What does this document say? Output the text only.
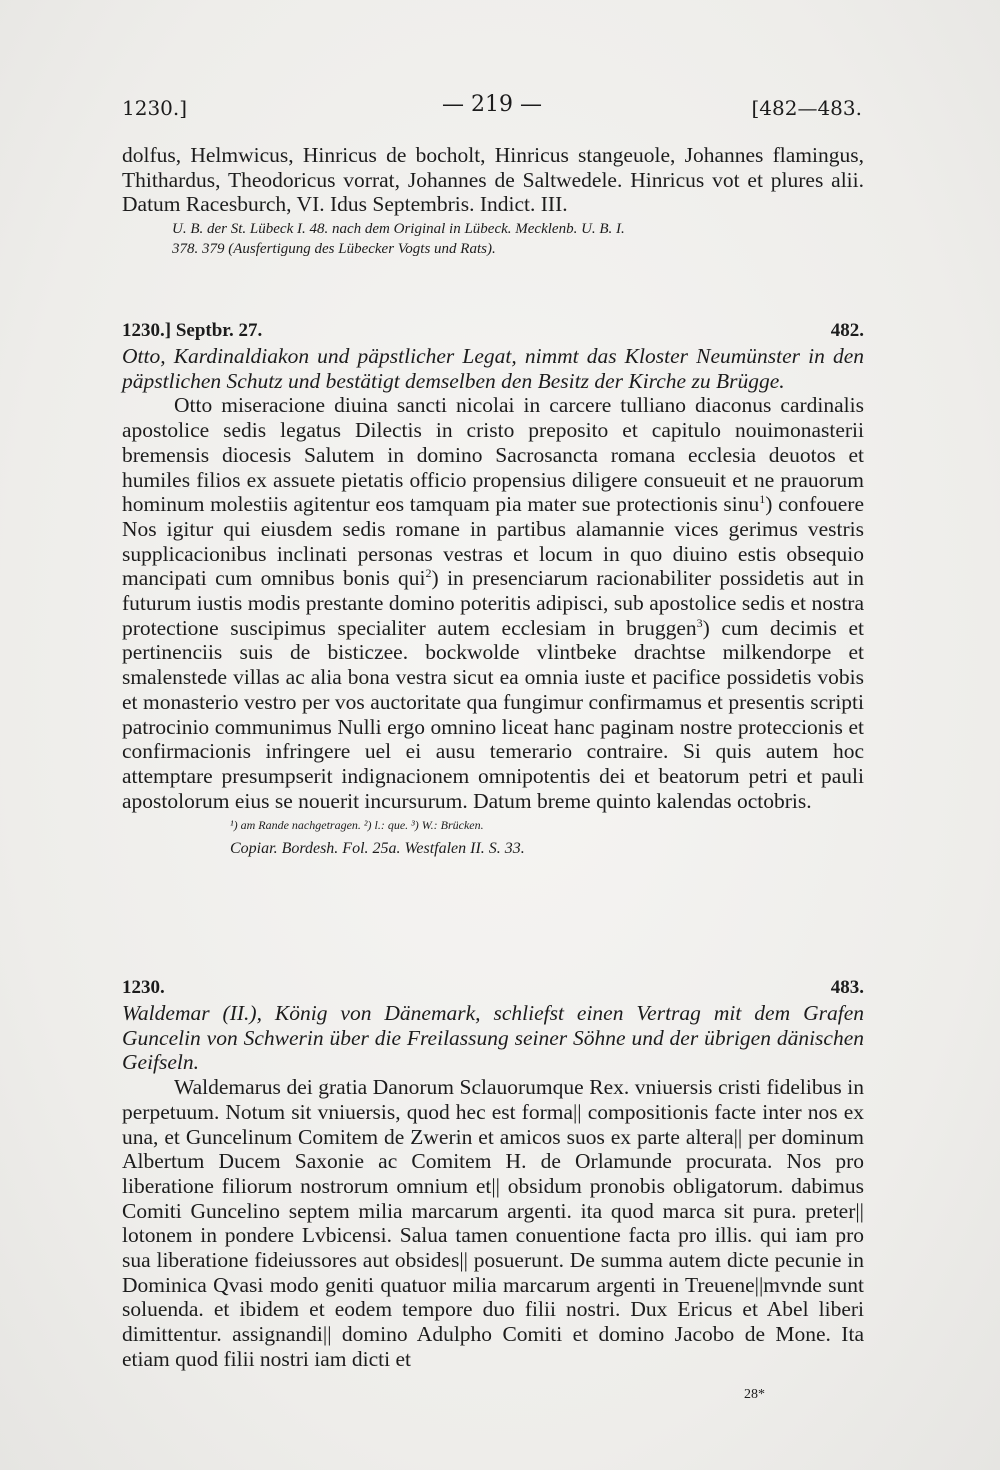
1230.]	— 219 —	[482—483.

dolfus, Helmwicus, Hinricus de bocholt, Hinricus stangeuole, Johannes flamingus, Thithardus, Theodoricus vorrat, Johannes de Saltwedele. Hinricus vot et plures alii. Datum Racesburch, VI. Idus Septembris. Indict. III.

U. B. der St. Lübeck I. 48. nach dem Original in Lübeck. Mecklenb. U. B. I.

378. 379 (Ausfertigung des Lübecker Vogts und Rats).

1230.] Septbr. 27.	482.

Otto, Kardinaldiakon und päpstlicher Legat, nimmt das Kloster Neumünster in den päpstlichen Schutz und bestätigt demselben den Besitz der Kirche zu Brügge.

Otto miseracione diuina sancti nicolai in carcere tulliano diaconus cardinalis apostolice sedis legatus Dilectis in cristo preposito et capitulo nouimonasterii bremensis diocesis Salutem in domino Sacrosancta romana ecclesia deuotos et humiles filios ex assuete pietatis officio propensius diligere consueuit et ne prauorum hominum molestiis agitentur eos tamquam pia mater sue protectionis sinu$^1$) confouere Nos igitur qui eiusdem sedis romane in partibus alamannie vices gerimus vestris supplicacionibus inclinati personas vestras et locum in quo diuino estis obsequio mancipati cum omnibus bonis qui$^2$) in presenciarum racionabiliter possidetis aut in futurum iustis modis prestante domino poteritis adipisci, sub apostolice sedis et nostra protectione suscipimus specialiter autem ecclesiam in bruggen$^3$) cum decimis et pertinenciis suis de bisticzee. bockwolde vlintbeke drachtse milkendorpe et smalenstede villas ac alia bona vestra sicut ea omnia iuste et pacifice possidetis vobis et monasterio vestro per vos auctoritate qua fungimur confirmamus et presentis scripti patrocinio communimus Nulli ergo omnino liceat hanc paginam nostre proteccionis et confirmacionis infringere uel ei ausu temerario contraire. Si quis autem hoc attemptare presumpserit indignacionem omnipotentis dei et beatorum petri et pauli apostolorum eius se nouerit incursurum. Datum breme quinto kalendas octobris.

¹) am Rande nachgetragen. ²) l.: que. ³) W.: Brücken.

Copiar. Bordesh. Fol. 25a. Westfalen II. S. 33.

1230.	483.

Waldemar (II.), König von Dänemark, schliefst einen Vertrag mit dem Grafen Guncelin von Schwerin über die Freilassung seiner Söhne und der übrigen dänischen Geifseln.

Waldemarus dei gratia Danorum Sclauorumque Rex. vniuersis cristi fidelibus in perpetuum. Notum sit vniuersis, quod hec est forma|| compositionis facte inter nos ex una, et Guncelinum Comitem de Zwerin et amicos suos ex parte altera|| per dominum Albertum Ducem Saxonie ac Comitem H. de Orlamunde procurata. Nos pro liberatione filiorum nostrorum omnium et|| obsidum pronobis obligatorum. dabimus Comiti Guncelino septem milia marcarum argenti. ita quod marca sit pura. preter|| lotonem in pondere Lvbicensi. Salua tamen conuentione facta pro illis. qui iam pro sua liberatione fideiussores aut obsides|| posuerunt. De summa autem dicte pecunie in Dominica Qvasi modo geniti quatuor milia marcarum argenti in Treuene||mvnde sunt soluenda. et ibidem et eodem tempore duo filii nostri. Dux Ericus et Abel liberi dimittentur. assignandi|| domino Adulpho Comiti et domino Jacobo de Mone. Ita etiam quod filii nostri iam dicti et

28*
